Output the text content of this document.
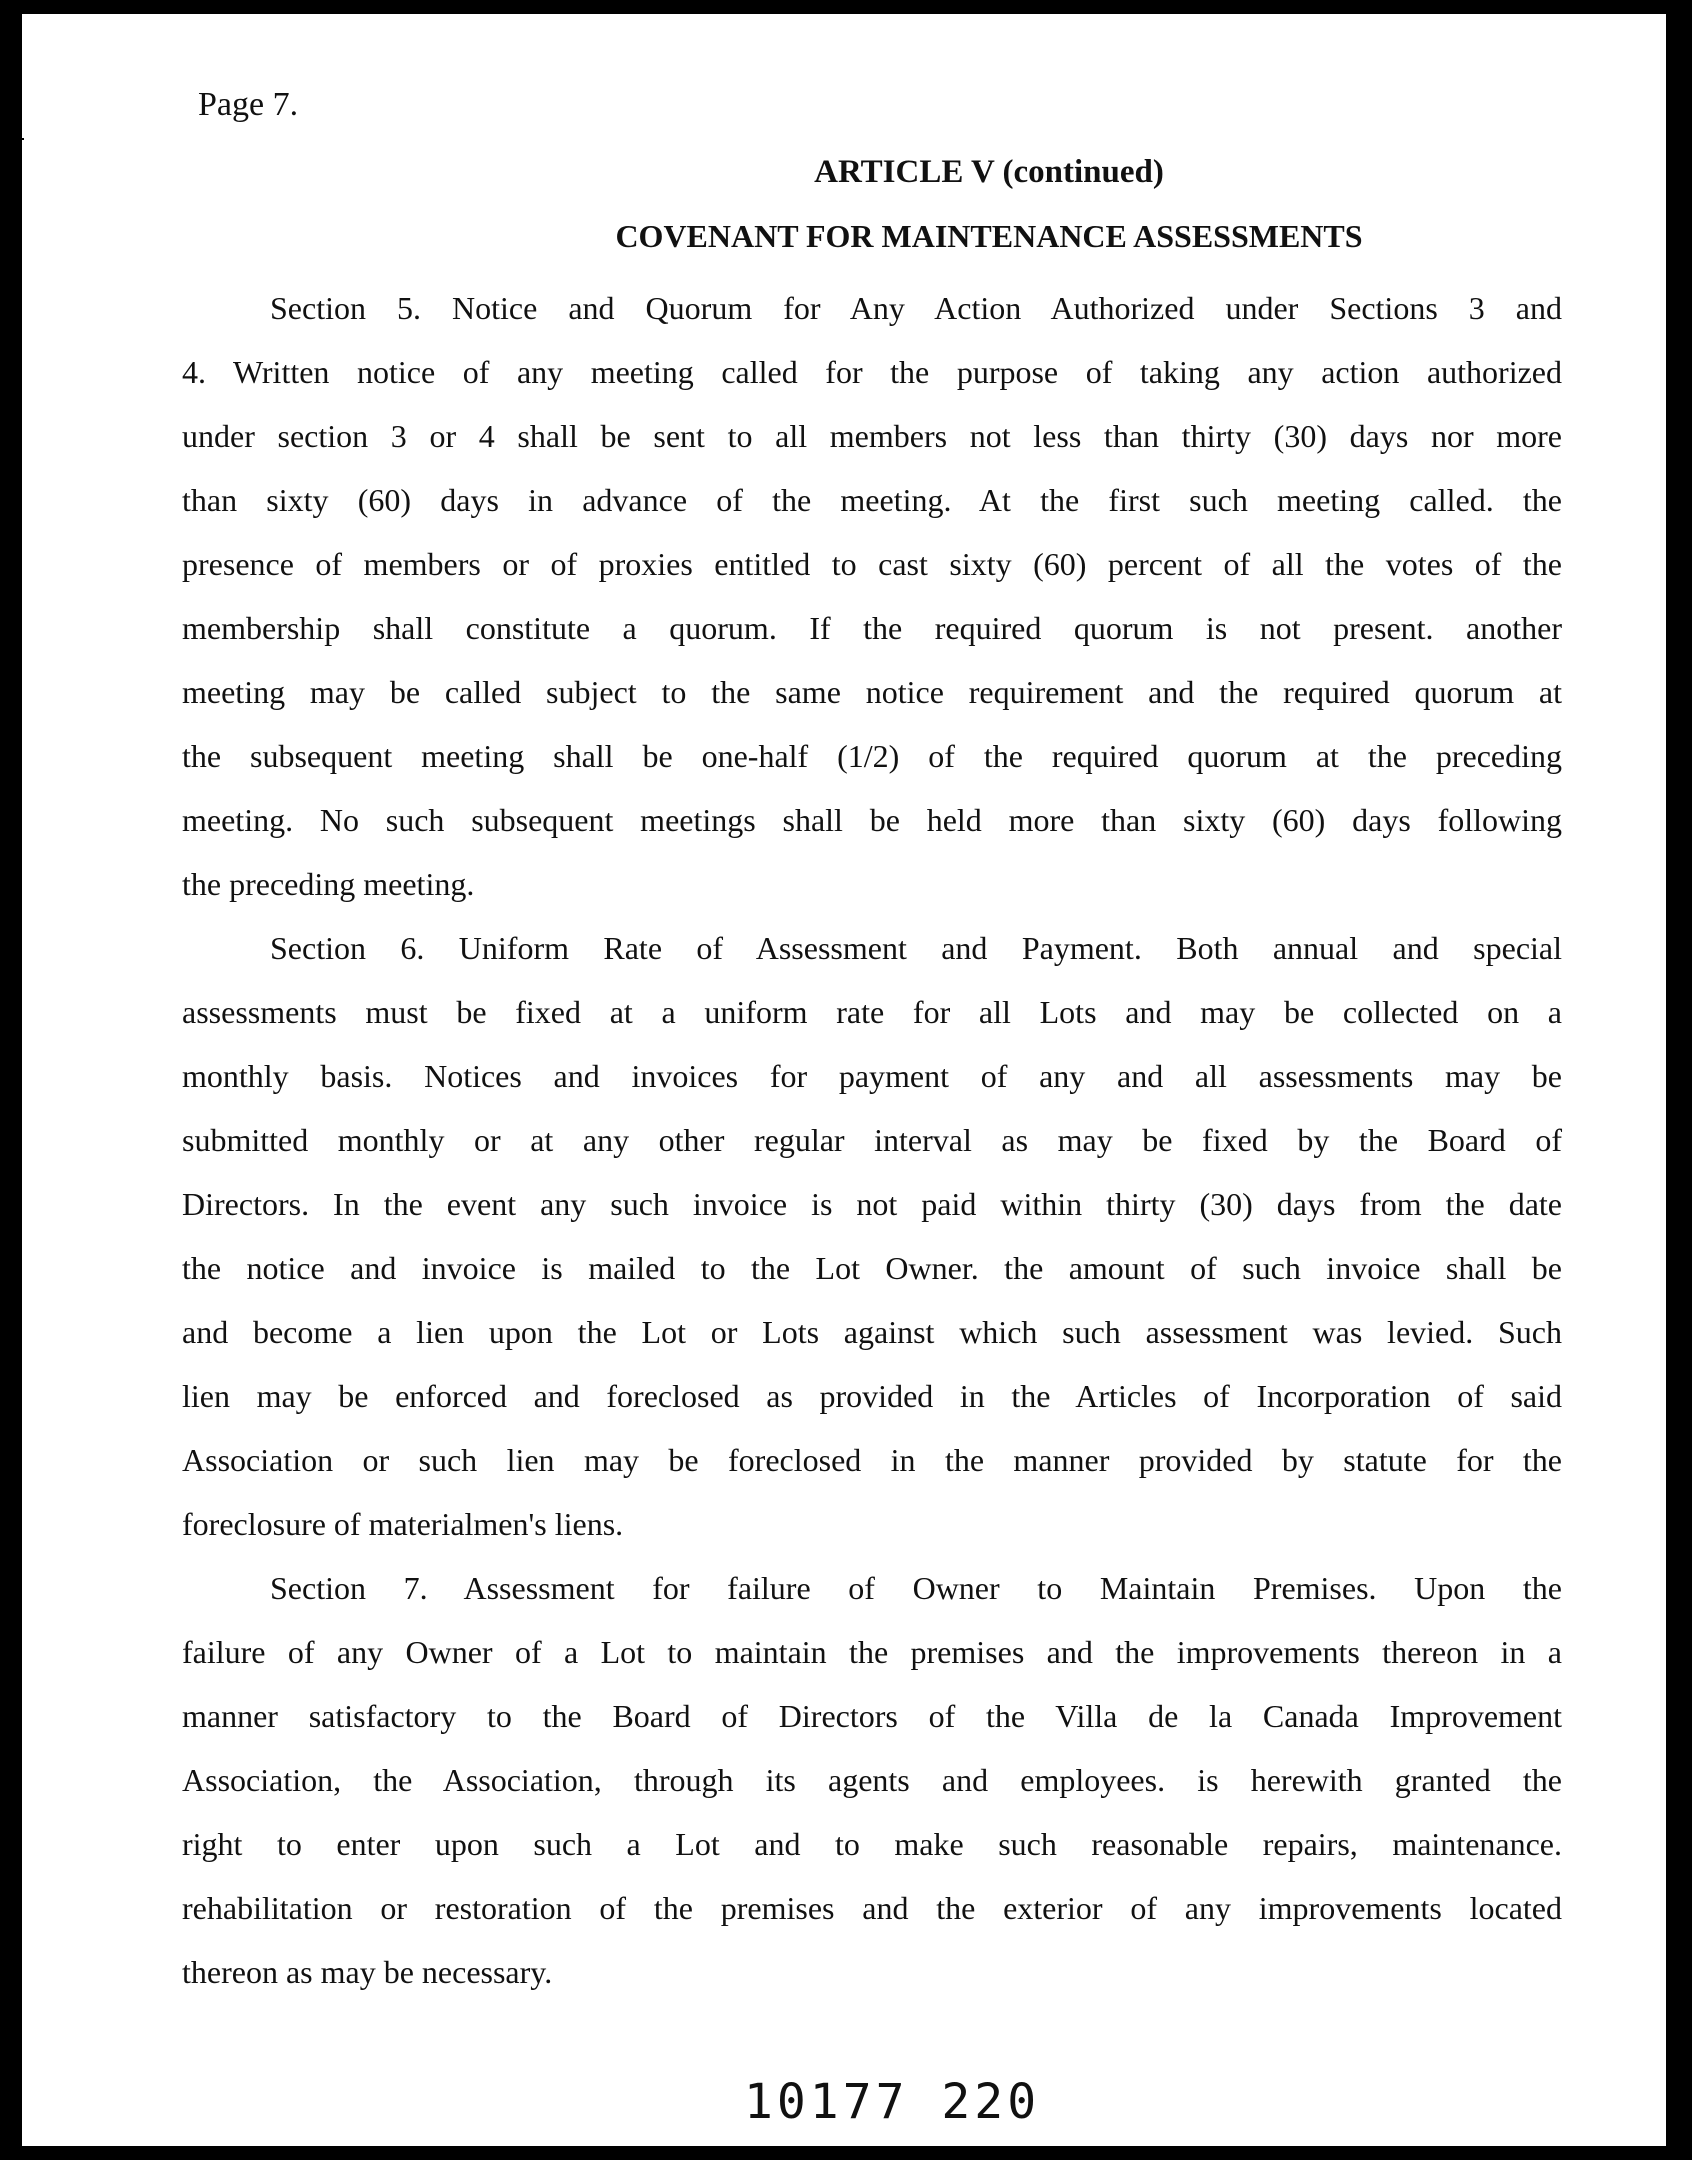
Page 7.
ARTICLE V (continued)
COVENANT FOR MAINTENANCE ASSESSMENTS
Section 5. Notice and Quorum for Any Action Authorized under Sections 3 and
4. Written notice of any meeting called for the purpose of taking any action authorized
under section 3 or 4 shall be sent to all members not less than thirty (30) days nor more
than sixty (60) days in advance of the meeting. At the first such meeting called. the
presence of members or of proxies entitled to cast sixty (60) percent of all the votes of the
membership shall constitute a quorum. If the required quorum is not present. another
meeting may be called subject to the same notice requirement and the required quorum at
the subsequent meeting shall be one-half (1/2) of the required quorum at the preceding
meeting. No such subsequent meetings shall be held more than sixty (60) days following
the preceding meeting.
Section 6. Uniform Rate of Assessment and Payment. Both annual and special
assessments must be fixed at a uniform rate for all Lots and may be collected on a
monthly basis. Notices and invoices for payment of any and all assessments may be
submitted monthly or at any other regular interval as may be fixed by the Board of
Directors. In the event any such invoice is not paid within thirty (30) days from the date
the notice and invoice is mailed to the Lot Owner. the amount of such invoice shall be
and become a lien upon the Lot or Lots against which such assessment was levied. Such
lien may be enforced and foreclosed as provided in the Articles of Incorporation of said
Association or such lien may be foreclosed in the manner provided by statute for the
foreclosure of materialmen's liens.
Section 7. Assessment for failure of Owner to Maintain Premises. Upon the
failure of any Owner of a Lot to maintain the premises and the improvements thereon in a
manner satisfactory to the Board of Directors of the Villa de la Canada Improvement
Association, the Association, through its agents and employees. is herewith granted the
right to enter upon such a Lot and to make such reasonable repairs, maintenance.
rehabilitation or restoration of the premises and the exterior of any improvements located
thereon as may be necessary.
10177 220
